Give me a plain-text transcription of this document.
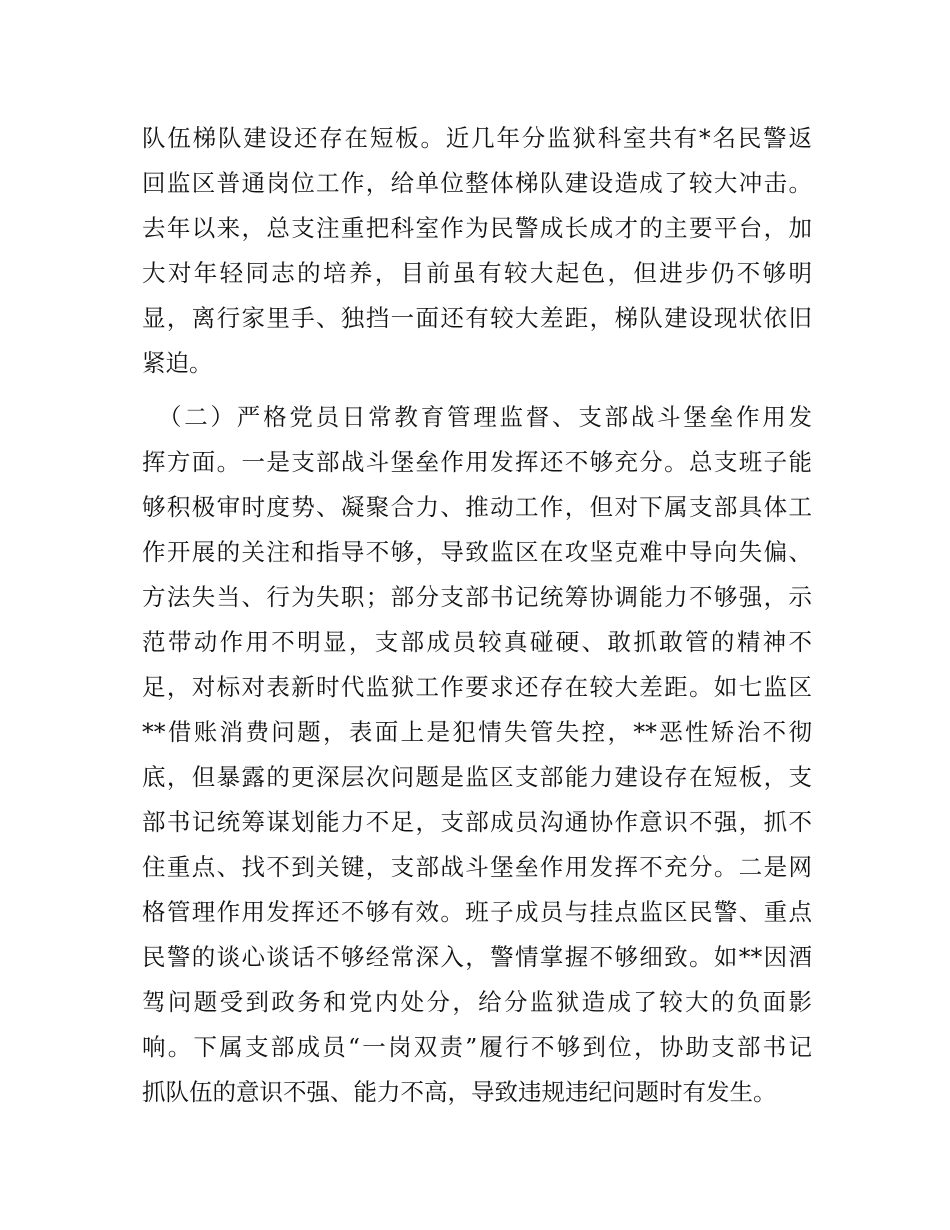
队伍梯队建设还存在短板。近几年分监狱科室共有*名民警返
回监区普通岗位工作，给单位整体梯队建设造成了较大冲击。
去年以来，总支注重把科室作为民警成长成才的主要平台，加
大对年轻同志的培养，目前虽有较大起色，但进步仍不够明
显，离行家里手、独挡一面还有较大差距，梯队建设现状依旧
紧迫。
（二）严格党员日常教育管理监督、支部战斗堡垒作用发
挥方面。一是支部战斗堡垒作用发挥还不够充分。总支班子能
够积极审时度势、凝聚合力、推动工作，但对下属支部具体工
作开展的关注和指导不够，导致监区在攻坚克难中导向失偏、
方法失当、行为失职；部分支部书记统筹协调能力不够强，示
范带动作用不明显，支部成员较真碰硬、敢抓敢管的精神不
足，对标对表新时代监狱工作要求还存在较大差距。如七监区
**借账消费问题，表面上是犯情失管失控，**恶性矫治不彻
底，但暴露的更深层次问题是监区支部能力建设存在短板，支
部书记统筹谋划能力不足，支部成员沟通协作意识不强，抓不
住重点、找不到关键，支部战斗堡垒作用发挥不充分。二是网
格管理作用发挥还不够有效。班子成员与挂点监区民警、重点
民警的谈心谈话不够经常深入，警情掌握不够细致。如**因酒
驾问题受到政务和党内处分，给分监狱造成了较大的负面影
响。下属支部成员“一岗双责”履行不够到位，协助支部书记
抓队伍的意识不强、能力不高，导致违规违纪问题时有发生。
